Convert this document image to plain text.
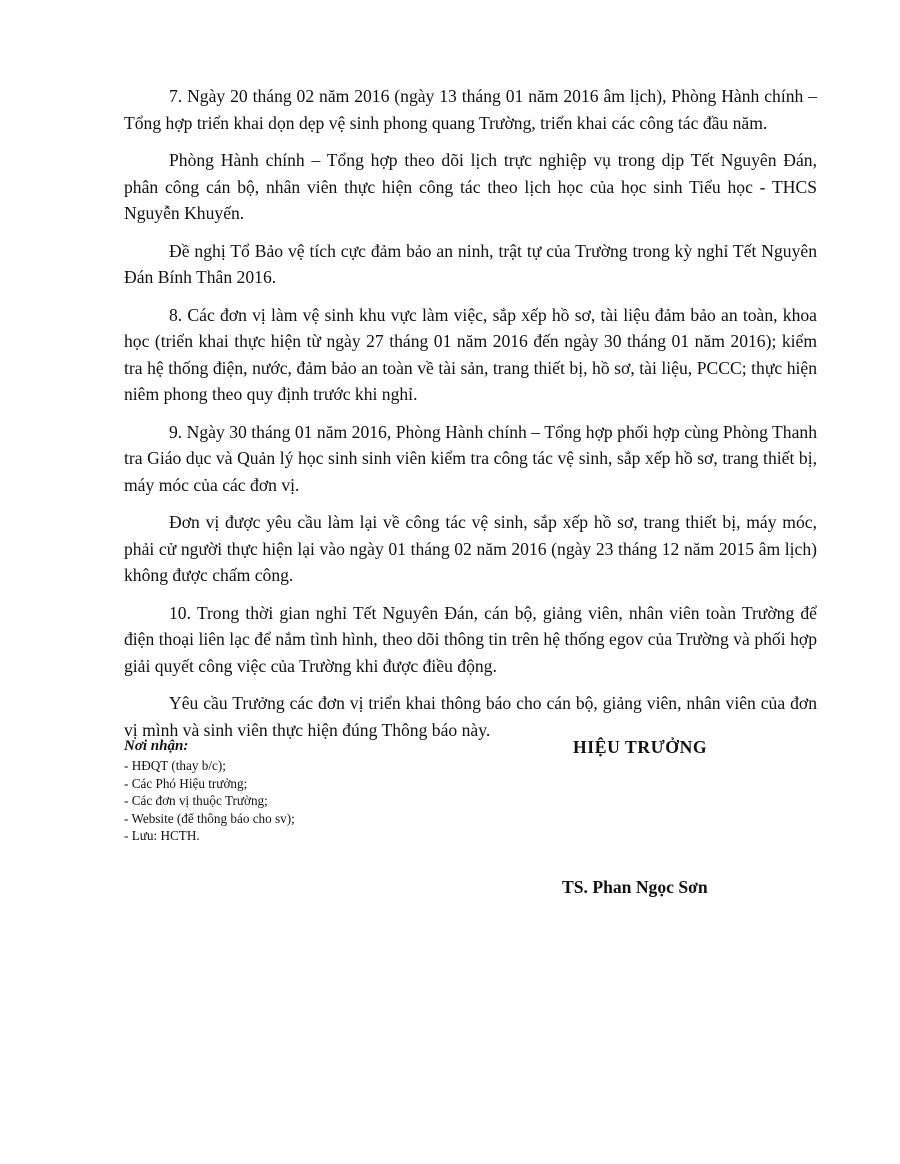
7. Ngày 20 tháng 02 năm 2016 (ngày 13 tháng 01 năm 2016 âm lịch), Phòng Hành chính – Tổng hợp triển khai dọn dẹp vệ sinh phong quang Trường, triển khai các công tác đầu năm.

Phòng Hành chính – Tổng hợp theo dõi lịch trực nghiệp vụ trong dịp Tết Nguyên Đán, phân công cán bộ, nhân viên thực hiện công tác theo lịch học của học sinh Tiểu học - THCS Nguyễn Khuyến.

Đề nghị Tổ Bảo vệ tích cực đảm bảo an ninh, trật tự của Trường trong kỳ nghỉ Tết Nguyên Đán Bính Thân 2016.

8. Các đơn vị làm vệ sinh khu vực làm việc, sắp xếp hồ sơ, tài liệu đảm bảo an toàn, khoa học (triển khai thực hiện từ ngày 27 tháng 01 năm 2016 đến ngày 30 tháng 01 năm 2016); kiểm tra hệ thống điện, nước, đảm bảo an toàn về tài sản, trang thiết bị, hồ sơ, tài liệu, PCCC; thực hiện niêm phong theo quy định trước khi nghỉ.

9. Ngày 30 tháng 01 năm 2016, Phòng Hành chính – Tổng hợp phối hợp cùng Phòng Thanh tra Giáo dục và Quản lý học sinh sinh viên kiểm tra công tác vệ sinh, sắp xếp hồ sơ, trang thiết bị, máy móc của các đơn vị.

Đơn vị được yêu cầu làm lại về công tác vệ sinh, sắp xếp hồ sơ, trang thiết bị, máy móc, phải cử người thực hiện lại vào ngày 01 tháng 02 năm 2016 (ngày 23 tháng 12 năm 2015 âm lịch) không được chấm công.

10. Trong thời gian nghỉ Tết Nguyên Đán, cán bộ, giảng viên, nhân viên toàn Trường để điện thoại liên lạc để nắm tình hình, theo dõi thông tin trên hệ thống egov của Trường và phối hợp giải quyết công việc của Trường khi được điều động.

Yêu cầu Trưởng các đơn vị triển khai thông báo cho cán bộ, giảng viên, nhân viên của đơn vị mình và sinh viên thực hiện đúng Thông báo này.

Nơi nhận:
- HĐQT (thay b/c);
- Các Phó Hiệu trưởng;
- Các đơn vị thuộc Trường;
- Website (để thông báo cho sv);
- Lưu: HCTH.
HIỆU TRƯỞNG
TS. Phan Ngọc Sơn
